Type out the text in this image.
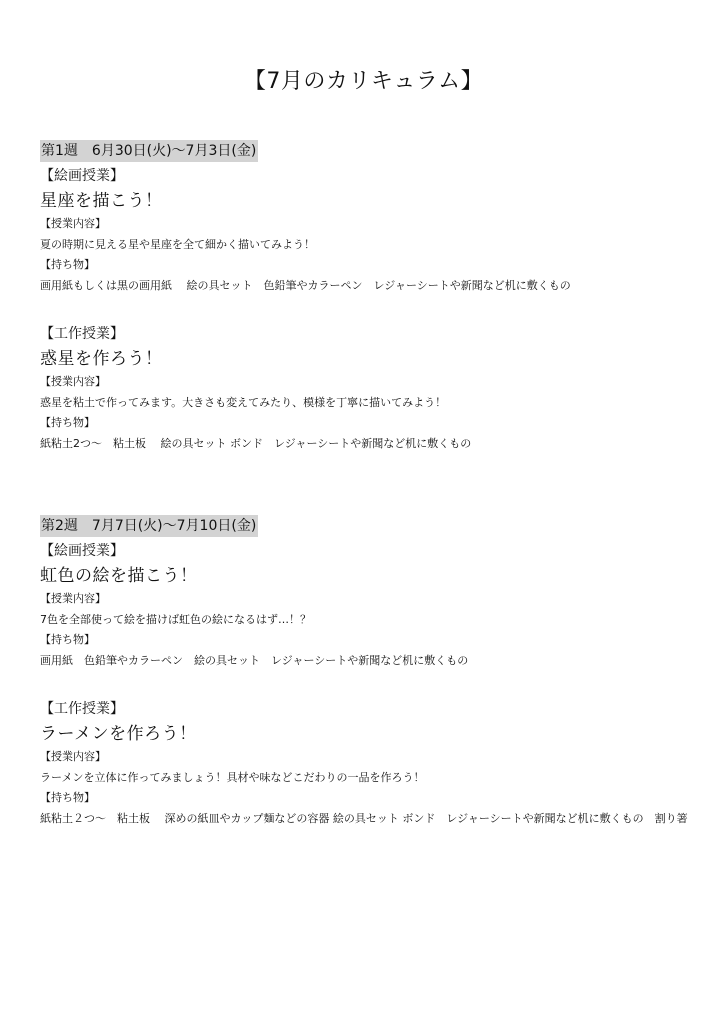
【7月のカリキュラム】
第1週　6月30日(火)〜7月3日(金)
【絵画授業】
星座を描こう！
【授業内容】
夏の時期に見える星や星座を全て細かく描いてみよう！
【持ち物】
画用紙もしくは黒の画用紙　 絵の具セット　色鉛筆やカラーペン　レジャーシートや新聞など机に敷くもの
【工作授業】
惑星を作ろう！
【授業内容】
惑星を粘土で作ってみます。大きさも変えてみたり、模様を丁寧に描いてみよう！
【持ち物】
紙粘土2つ〜　粘土板　 絵の具セット ボンド　レジャーシートや新聞など机に敷くもの
第2週　7月7日(火)〜7月10日(金)
【絵画授業】
虹色の絵を描こう！
【授業内容】
7色を全部使って絵を描けば虹色の絵になるはず…！？
【持ち物】
画用紙　色鉛筆やカラーペン　絵の具セット　レジャーシートや新聞など机に敷くもの
【工作授業】
ラーメンを作ろう！
【授業内容】
ラーメンを立体に作ってみましょう！具材や味などこだわりの一品を作ろう！
【持ち物】
紙粘土２つ〜　粘土板　 深めの紙皿やカップ麺などの容器 絵の具セット ボンド　レジャーシートや新聞など机に敷くもの　割り箸
